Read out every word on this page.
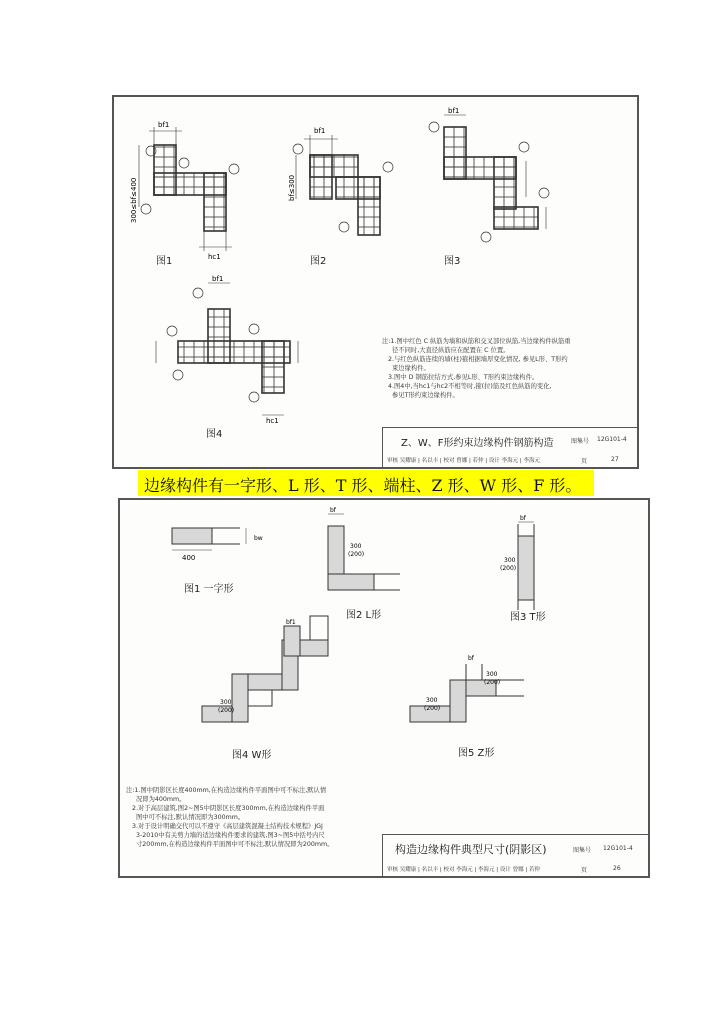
300≤bf≤400
bf1
hc1
bf1
bf≤300
bf1
bf1
hc1
图1	图2	图3
图4
注:1.图中红色 C 纵筋为墙和纵筋和交叉部位纵筋,当边缘构件纵筋重
径不同时,大直径纵筋应在配置在 C 位置。
2.与红色纵筋连续的墙(柱)箍相据墙厚变化情况, 参见L形、T形约
束边缘构件。
3.图中 D 钢筋拉结方式,参见L形、T形约束边缘构件。
4.图4中,当hc1与hc2不相等时,箍(拉)筋及红色纵筋的变化,
参见T形约束边缘构件。
Z、W、F形约束边缘构件钢筋构造	图集号 12G101-4
审核 吴耀康 | 名以丰 | 校对 曾娜 | 若仲 | 设计 李海元 | 李海元	页	27
边缘构件有一字形、L 形、T 形、端柱、Z 形、W 形、F 形。
400
bw
300
(200)
bf
300
(200)
bf
300
(200)
bf1
300
(200)
300
(200)
bf
图1 一字形
图2 L形	图3 T形
图4 W形	图5 Z形
注:1.图中阴影区长度400mm,在构造边缘构件平面图中可不标注,默认情
况即为400mm。
2.对于高层建筑,图2~图5中阴影区长度300mm,在构造边缘构件平面
图中可不标注,默认情况即为300mm。
3.对于设计明确交代可以不遵守《高层建筑混凝土结构技术规程》JGJ
3-2010中有关剪力墙的适边缘构件要求的建筑,图3~图5中括号内尺
寸200mm,在构造边缘构件平面图中可不标注,默认情况即为200mm。	构造边缘构件典型尺寸(阴影区)	图集号 12G101-4
审核 吴耀康 | 名以丰 | 校对 李海元 | 李海元 | 设计 曾娜 | 若仲	页	26
